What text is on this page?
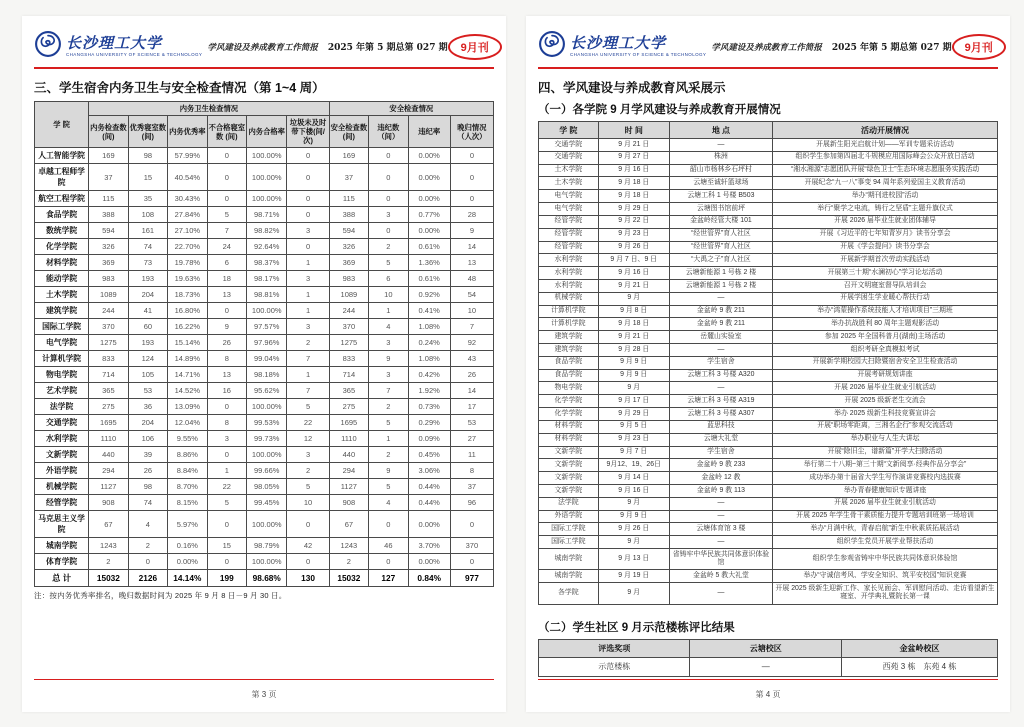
长沙理工大学
CHANGSHA UNIVERSITY OF SCIENCE & TECHNOLOGY
学风建设及养成教育工作简报 2025 年第 5 期总第 027 期	9月刊
三、学生宿舍内务卫生与安全检查情况（第 1~4 周）
学 院	内务卫生检查情况						安全检查情况			
	内务检查数 (间)	优秀寝室数 (间)	内务优秀率	不合格寝室数 (间)	内务合格率	垃圾未及时带下楼(间/次)	安全检查数 (间)	违纪数（间）	违纪率	晚归情况（人次）
人工智能学院	169	98	57.99%	0	100.00%	0	169	0	0.00%	0
卓越工程师学院	37	15	40.54%	0	100.00%	0	37	0	0.00%	0
航空工程学院	115	35	30.43%	0	100.00%	0	115	0	0.00%	0
食品学院	388	108	27.84%	5	98.71%	0	388	3	0.77%	28
数统学院	594	161	27.10%	7	98.82%	3	594	0	0.00%	9
化学学院	326	74	22.70%	24	92.64%	0	326	2	0.61%	14
材料学院	369	73	19.78%	6	98.37%	1	369	5	1.36%	13
能动学院	983	193	19.63%	18	98.17%	3	983	6	0.61%	48
土木学院	1089	204	18.73%	13	98.81%	1	1089	10	0.92%	54
建筑学院	244	41	16.80%	0	100.00%	1	244	1	0.41%	10
国际工学院	370	60	16.22%	9	97.57%	3	370	4	1.08%	7
电气学院	1275	193	15.14%	26	97.96%	2	1275	3	0.24%	92
计算机学院	833	124	14.89%	8	99.04%	7	833	9	1.08%	43
物电学院	714	105	14.71%	13	98.18%	1	714	3	0.42%	26
艺术学院	365	53	14.52%	16	95.62%	7	365	7	1.92%	14
法学院	275	36	13.09%	0	100.00%	5	275	2	0.73%	17
交通学院	1695	204	12.04%	8	99.53%	22	1695	5	0.29%	53
水利学院	1110	106	9.55%	3	99.73%	12	1110	1	0.09%	27
文新学院	440	39	8.86%	0	100.00%	3	440	2	0.45%	11
外语学院	294	26	8.84%	1	99.66%	2	294	9	3.06%	8
机械学院	1127	98	8.70%	22	98.05%	5	1127	5	0.44%	37
经管学院	908	74	8.15%	5	99.45%	10	908	4	0.44%	96
马克思主义学院	67	4	5.97%	0	100.00%	0	67	0	0.00%	0
城南学院	1243	2	0.16%	15	98.79%	42	1243	46	3.70%	370
体育学院	2	0	0.00%	0	100.00%	0	2	0	0.00%	0
总 计	15032	2126	14.14%	199	98.68%	130	15032	127	0.84%	977
注：按内务优秀率排名，晚归数据时间为 2025 年 9 月 8 日－9 月 30 日。
第 3 页
长沙理工大学
CHANGSHA UNIVERSITY OF SCIENCE & TECHNOLOGY
学风建设及养成教育工作简报 2025 年第 5 期总第 027 期	9月刊
四、学风建设与养成教育风采展示
（一）各学院 9 月学风建设与养成教育开展情况
学 院	时 间	地 点	活动开展情况
交通学院	9 月 21 日	—	开展新生阳光启航计划——军训专题采访活动
交通学院	9 月 27 日	株洲	组织学生参加第四届北斗规模应用国际峰会公众开放日活动
土木学院	9 月 16 日	韶山市杨林乡石坪村	“湘水湘源”志愿团队开展“绿色卫士”生态环境志愿服务实践活动
土木学院	9 月 18 日	云塘至诚轩篮球场	开展纪念“九一八”事变 94 周年系列爱国主义教育活动
电气学院	9 月 18 日	云塘工科 1 号楼 B503	举办“期刊进校园”活动
电气学院	9 月 29 日	云塘图书馆前坪	举行“聚学之电流，铸行之坚盾”主题升旗仪式
经管学院	9 月 22 日	金盆岭经管大楼 101	开展 2026 届毕业生就业团体辅导
经管学院	9 月 23 日	“经世管界”育人社区	开展《习近平的七年知青岁月》读书分享会
经管学院	9 月 26 日	“经世管界”育人社区	开展《学会提问》读书分享会
水利学院	9 月 7 日、9 日	“大禹之子”育人社区	开展新学期首次劳动实践活动
水利学院	9 月 16 日	云塘新能源 1 号栋 2 楼	开展第三十期“水澜初心”学习论坛活动
水利学院	9 月 21 日	云塘新能源 1 号栋 2 楼	召开文明寝室督导队培训会
机械学院	9 月	—	开展学困生学业暖心帮扶行动
计算机学院	9 月 8 日	金盆岭 9 教 211	举办“鸿蒙操作系统技能人才培训项目”三期班
计算机学院	9 月 18 日	金盆岭 9 教 211	举办抗战胜利 80 周年主题观影活动
建筑学院	9 月 21 日	岳麓山实验室	参加 2025 年全国科普月(湖南)主场活动
建筑学院	9 月 28 日	—	组织考研全真模拟考试
食品学院	9 月 9 日	学生宿舍	开展新学期校园大扫除暨宿舍安全卫生检查活动
食品学院	9 月 9 日	云塘工科 3 号楼 A320	开展考研规划讲座
物电学院	9 月	—	开展 2026 届毕业生就业引航活动
化学学院	9 月 17 日	云塘工科 3 号楼 A319	开展 2025 级新老生交流会
化学学院	9 月 29 日	云塘工科 3 号楼 A307	举办 2025 级新生科技竞赛宣讲会
材料学院	9 月 5 日	蓝思科技	开展“职场零距离，三湘名企行”参观交流活动
材料学院	9 月 23 日	云塘大礼堂	举办职业与人生大讲坛
文新学院	9 月 7 日	学生宿舍	开展“除旧尘，谱新篇”开学大扫除活动
文新学院	9月12、19、26日	金盆岭 9 教 233	举行第二十八期~第三十期“文新阅享·经典作品分享会”
文新学院	9 月 14 日	金盆岭 12 教	成功举办第十届省大学生写作演讲竞赛校内选拔赛
文新学院	9 月 16 日	金盆岭 9 教 113	举办青春健康知识专题讲座
法学院	9 月	—	开展 2026 届毕业生就业引航活动
外语学院	9 月 9 日	—	开展 2025 年学生骨干素质能力提升专题培训班第一场培训
国际工学院	9 月 26 日	云塘体育馆 3 楼	举办“月满中秋，青春启航”新生中秋素质拓展活动
国际工学院	9 月	—	组织学生党员开展学业帮扶活动
城南学院	9 月 13 日	省铸牢中华民族共同体意识体验馆	组织学生参观省铸牢中华民族共同体意识体验馆
城南学院	9 月 19 日	金盆岭 5 教大礼堂	举办“守诚信考风、学安全知识、筑平安校园”知识竞赛
各学院	9 月	—	开展 2025 级新生迎新工作、家长见面会、军训慰问活动、走访看望新生寝室、开学典礼暨院长第一课
（二）学生社区 9 月示范楼栋评比结果
评选奖项	云塘校区	金盆岭校区
示范楼栋	—	西苑 3 栋　东苑 4 栋
第 4 页
